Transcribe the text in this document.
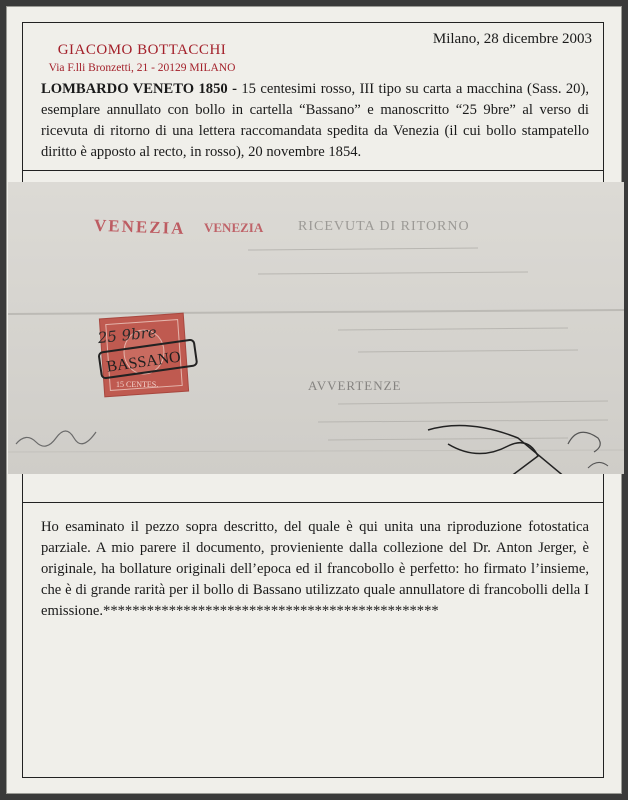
GIACOMO BOTTACCHI
Via F.lli Bronzetti, 21 - 20129 MILANO
Milano, 28 dicembre 2003
LOMBARDO VENETO 1850 - 15 centesimi rosso, III tipo su carta a macchina (Sass. 20), esemplare annullato con bollo in cartella “Bassano” e manoscritto “25 9bre” al verso di ricevuta di ritorno di una lettera raccomandata spedita da Venezia (il cui bollo stampatello diritto è apposto al recto, in rosso), 20 novembre 1854.
RICEVUTA DI RITORNO
AVVERTENZE
VENEZIA VENEZIA
15 CENTES.
25 9bre
BASSANO
Ho esaminato il pezzo sopra descritto, del quale è qui unita una riproduzione fotostatica parziale. A mio parere il documento, provieniente dalla collezione del Dr. Anton Jerger, è originale, ha bollature originali dell’epoca ed il francobollo è perfetto: ho firmato l’insieme, che è di grande rarità per il bollo di Bassano utilizzato quale annullatore di francobolli della I emissione.**********************************************
